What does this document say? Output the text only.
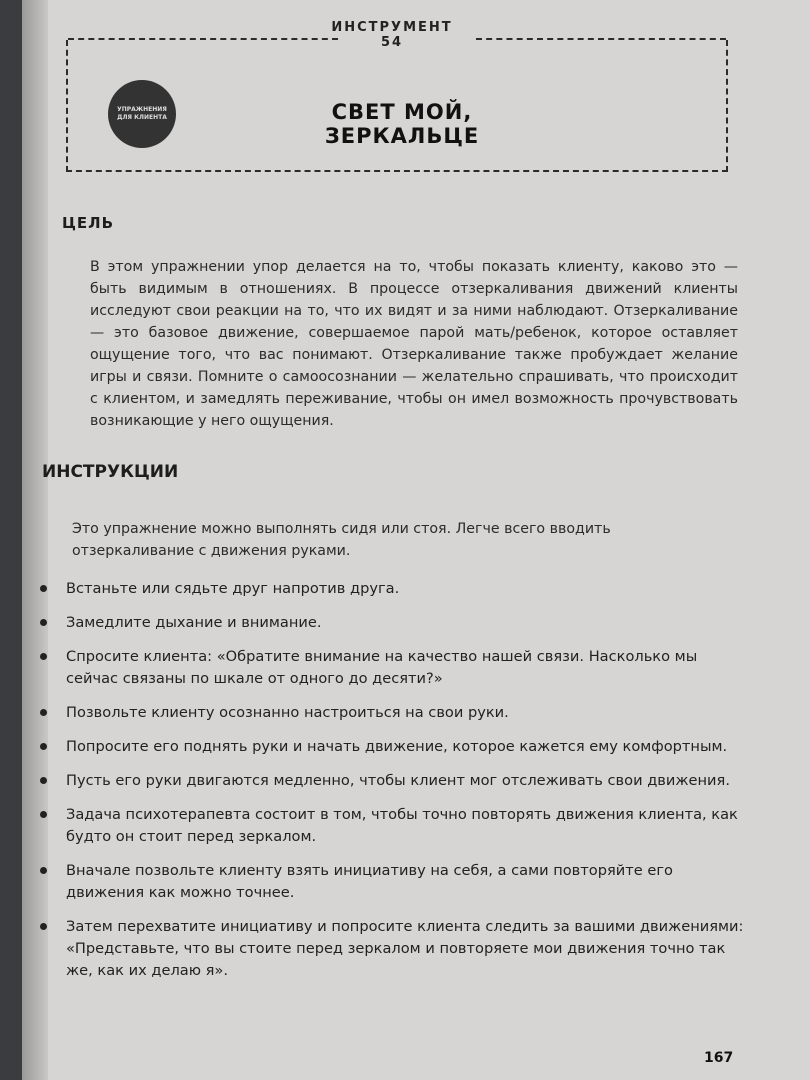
ИНСТРУМЕНТ 54
УПРАЖНЕНИЯ ДЛЯ КЛИЕНТА	СВЕТ МОЙ, ЗЕРКАЛЬЦЕ
ЦЕЛЬ
В этом упражнении упор делается на то, чтобы показать клиенту, каково это — быть видимым в отношениях. В процессе отзеркаливания движений клиенты исследуют свои реакции на то, что их видят и за ними наблюдают. Отзеркаливание — это базовое движение, совершаемое парой мать/ребенок, которое оставляет ощущение того, что вас понимают. Отзеркаливание также пробуждает желание игры и связи. Помните о самоосознании — желательно спрашивать, что происходит с клиентом, и замедлять переживание, чтобы он имел возможность прочувствовать возникающие у него ощущения.
ИНСТРУКЦИИ
Это упражнение можно выполнять сидя или стоя. Легче всего вводить отзеркаливание с движения руками.
Встаньте или сядьте друг напротив друга.
Замедлите дыхание и внимание.
Спросите клиента: «Обратите внимание на качество нашей связи. Насколько мы сейчас связаны по шкале от одного до десяти?»
Позвольте клиенту осознанно настроиться на свои руки.
Попросите его поднять руки и начать движение, которое кажется ему комфортным.
Пусть его руки двигаются медленно, чтобы клиент мог отслеживать свои движения.
Задача психотерапевта состоит в том, чтобы точно повторять движения клиента, как будто он стоит перед зеркалом.
Вначале позвольте клиенту взять инициативу на себя, а сами повторяйте его движения как можно точнее.
Затем перехватите инициативу и попросите клиента следить за вашими движениями: «Представьте, что вы стоите перед зеркалом и повторяете мои движения точно так же, как их делаю я».
167
